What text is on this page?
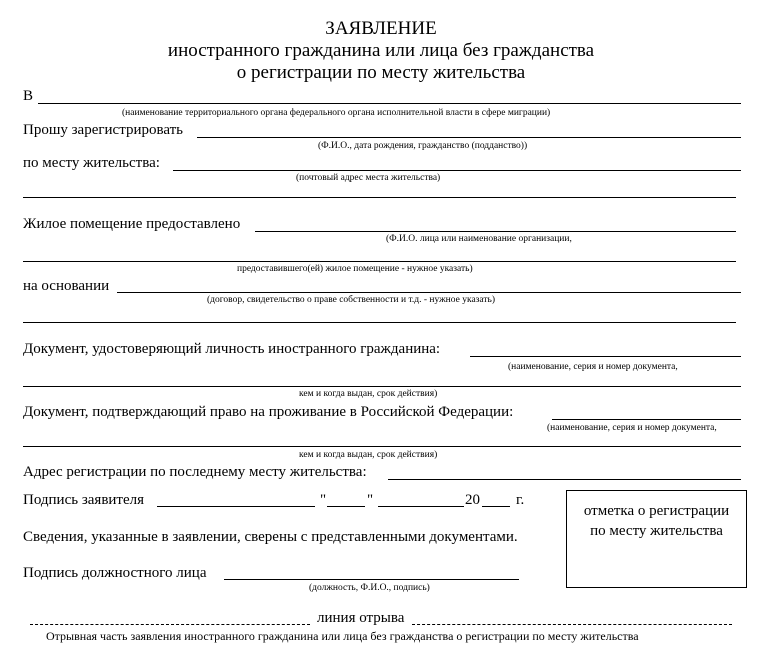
ЗАЯВЛЕНИЕ
иностранного гражданина или лица без гражданства
о регистрации по месту жительства
В
(наименование территориального органа федерального органа исполнительной власти в сфере миграции)
Прошу зарегистрировать
(Ф.И.О., дата рождения, гражданство (подданство))
по месту жительства:
(почтовый адрес места жительства)
Жилое помещение предоставлено
(Ф.И.О. лица или наименование организации,
предоставившего(ей) жилое помещение - нужное указать)
на основании
(договор, свидетельство о праве собственности и т.д. - нужное указать)
Документ, удостоверяющий личность иностранного гражданина:
(наименование, серия и номер документа,
кем и когда выдан, срок действия)
Документ, подтверждающий право на проживание в Российской Федерации:
(наименование, серия и номер документа,
кем и когда выдан, срок действия)
Адрес регистрации по последнему месту жительства:
Подпись заявителя	"	"	20 г.
отметка о регистрации
по месту жительства
Сведения, указанные в заявлении, сверены с представленными документами.
Подпись должностного лица
(должность, Ф.И.О., подпись)
линия отрыва
Отрывная часть заявления иностранного гражданина или лица без гражданства о регистрации по месту жительства
